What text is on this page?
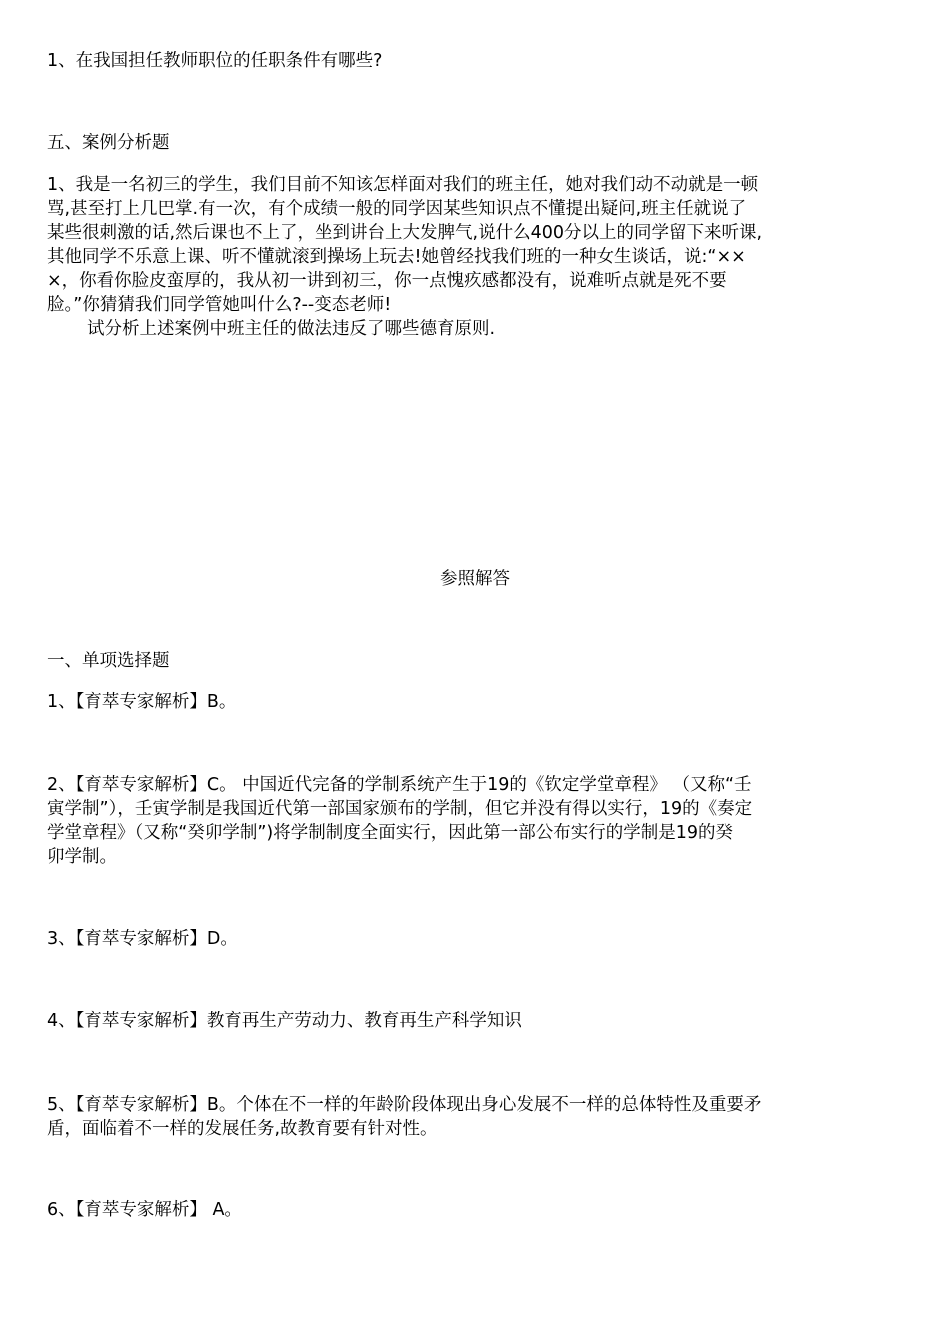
1、在我国担任教师职位的任职条件有哪些?
五、案例分析题
1、我是一名初三的学生，我们目前不知该怎样面对我们的班主任，她对我们动不动就是一顿
骂,甚至打上几巴掌.有一次，有个成绩一般的同学因某些知识点不懂提出疑问,班主任就说了
某些很刺激的话,然后课也不上了，坐到讲台上大发脾气,说什么400分以上的同学留下来听课,
其他同学不乐意上课、听不懂就滚到操场上玩去!她曾经找我们班的一种女生谈话，说:“××
×，你看你脸皮蛮厚的，我从初一讲到初三，你一点愧疚感都没有，说难听点就是死不要
脸。”你猜猜我们同学管她叫什么?--变态老师!
试分析上述案例中班主任的做法违反了哪些德育原则.
参照解答
一、单项选择题
1、【育萃专家解析】B。
2、【育萃专家解析】C。 中国近代完备的学制系统产生于19的《钦定学堂章程》 （又称“壬
寅学制”），壬寅学制是我国近代第一部国家颁布的学制，但它并没有得以实行，19的《奏定
学堂章程》（又称“癸卯学制”)将学制制度全面实行，因此第一部公布实行的学制是19的癸
卯学制。
3、【育萃专家解析】D。
4、【育萃专家解析】教育再生产劳动力、教育再生产科学知识
5、【育萃专家解析】B。个体在不一样的年龄阶段体现出身心发展不一样的总体特性及重要矛
盾，面临着不一样的发展任务,故教育要有针对性。
6、【育萃专家解析】 A。
